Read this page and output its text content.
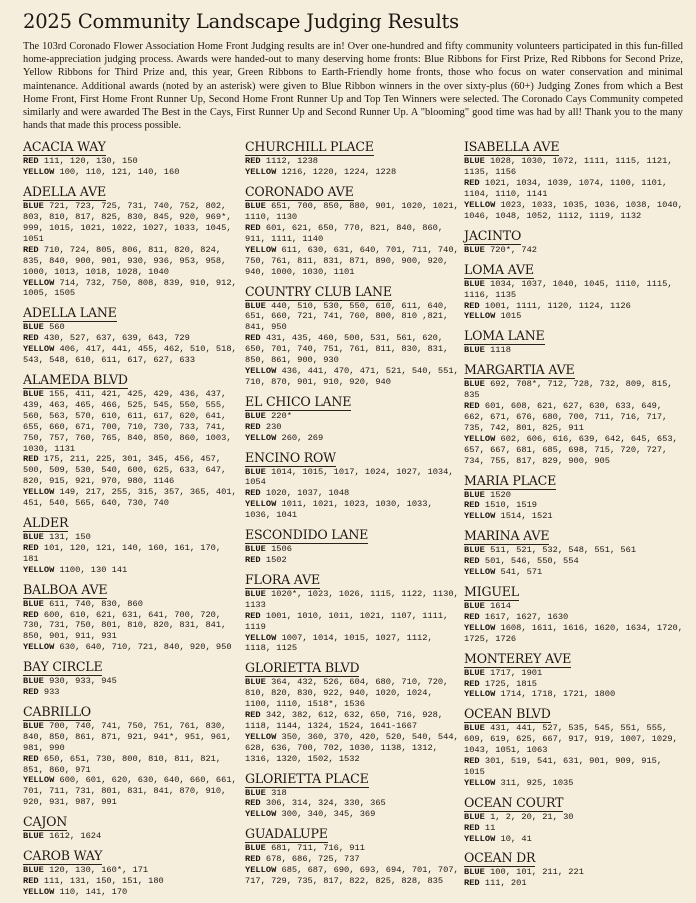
2025 Community Landscape Judging Results

The 103rd Coronado Flower Association Home Front Judging results are in! Over one-hundred and fifty community volunteers participated in this fun-filled home-appreciation judging process. Awards were handed-out to many deserving home fronts: Blue Ribbons for First Prize, Red Ribbons for Second Prize, Yellow Ribbons for Third Prize and, this year, Green Ribbons to Earth-Friendly home fronts, those who focus on water conservation and minimal maintenance. Additional awards (noted by an asterisk) were given to Blue Ribbon winners in the over sixty-plus (60+) Judging Zones from which a Best Home Front, First Home Front Runner Up, Second Home Front Runner Up and Top Ten Winners were selected. The Coronado Cays Community competed similarly and were awarded The Best in the Cays, First Runner Up and Second Runner Up. A "blooming" good time was had by all! Thank you to the many hands that made this process possible.

ACACIA WAY
RED 111, 120, 130, 150
YELLOW 100, 110, 121, 140, 160
ADELLA AVE
BLUE 721, 723, 725, 731, 740, 752, 802, 803, 810, 817, 825, 830, 845, 920, 969*, 999, 1015, 1021, 1022, 1027, 1033, 1045, 1051
RED 710, 724, 805, 806, 811, 820, 824, 835, 840, 900, 901, 930, 936, 953, 958, 1000, 1013, 1018, 1028, 1040
YELLOW 714, 732, 750, 808, 839, 910, 912, 1005, 1505
ADELLA LANE
BLUE 560
RED 430, 527, 637, 639, 643, 729
YELLOW 406, 417, 441, 455, 462, 510, 518, 543, 548, 610, 611, 617, 627, 633
ALAMEDA BLVD
BLUE 155, 411, 421, 425, 429, 436, 437, 439, 463, 465, 466, 525, 545, 550, 555, 560, 563, 570, 610, 611, 617, 620, 641, 655, 660, 671, 700, 710, 730, 733, 741, 750, 757, 760, 765, 840, 850, 860, 1003, 1030, 1131
RED 175, 211, 225, 301, 345, 456, 457, 500, 509, 530, 540, 600, 625, 633, 647, 820, 915, 921, 970, 980, 1146
YELLOW 149, 217, 255, 315, 357, 365, 401, 451, 540, 565, 640, 730, 740
ALDER
BLUE 131, 150
RED 101, 120, 121, 140, 160, 161, 170, 181
YELLOW 1100, 130 141
BALBOA AVE
BLUE 611, 740, 830, 860
RED 600, 610, 621, 631, 641, 700, 720, 730, 731, 750, 801, 810, 820, 831, 841, 850, 901, 911, 931
YELLOW 630, 640, 710, 721, 840, 920, 950
BAY CIRCLE
BLUE 930, 933, 945
RED 933
CABRILLO
BLUE 700, 740, 741, 750, 751, 761, 830, 840, 850, 861, 871, 921, 941*, 951, 961, 981, 990
RED 650, 651, 730, 800, 810, 811, 821, 851, 860, 971
YELLOW 600, 601, 620, 630, 640, 660, 661, 701, 711, 731, 801, 831, 841, 870, 910, 920, 931, 987, 991
CAJON
BLUE 1612, 1624
CAROB WAY
BLUE 120, 130, 160*, 171
RED 111, 131, 150, 151, 180
YELLOW 110, 141, 170
CHURCHILL PLACE
RED 1112, 1238
YELLOW 1216, 1220, 1224, 1228
CORONADO AVE
BLUE 651, 700, 850, 880, 901, 1020, 1021, 1110, 1130
RED 601, 621, 650, 770, 821, 840, 860, 911, 1111, 1140
YELLOW 611, 630, 631, 640, 701, 711, 740, 750, 761, 811, 831, 871, 890, 900, 920, 940, 1000, 1030, 1101
COUNTRY CLUB LANE
BLUE 440, 510, 530, 550, 610, 611, 640, 651, 660, 721, 741, 760, 800, 810 ,821, 841, 950
RED 431, 435, 460, 500, 531, 561, 620, 650, 701, 740, 751, 761, 811, 830, 831, 850, 861, 900, 930
YELLOW 436, 441, 470, 471, 521, 540, 551, 710, 870, 901, 910, 920, 940
EL CHICO LANE
BLUE 220*
RED 230
YELLOW 260, 269
ENCINO ROW
BLUE 1014, 1015, 1017, 1024, 1027, 1034, 1054
RED 1020, 1037, 1048
YELLOW 1011, 1021, 1023, 1030, 1033, 1036, 1041
ESCONDIDO LANE
BLUE 1506
RED 1502
FLORA AVE
BLUE 1020*, 1023, 1026, 1115, 1122, 1130, 1133
RED 1001, 1010, 1011, 1021, 1107, 1111, 1119
YELLOW 1007, 1014, 1015, 1027, 1112, 1118, 1125
GLORIETTA BLVD
BLUE 364, 432, 526, 604, 680, 710, 720, 810, 820, 830, 922, 940, 1020, 1024, 1100, 1110, 1518*, 1536
RED 342, 382, 612, 632, 650, 716, 928, 1118, 1144, 1324, 1524, 1641-1667
YELLOW 350, 360, 370, 420, 520, 540, 544, 628, 636, 700, 702, 1030, 1138, 1312, 1316, 1320, 1502, 1532
GLORIETTA PLACE
BLUE 318
RED 306, 314, 324, 330, 365
YELLOW 300, 340, 345, 369
GUADALUPE
BLUE 681, 711, 716, 911
RED 678, 686, 725, 737
YELLOW 685, 687, 690, 693, 694, 701, 707, 717, 729, 735, 817, 822, 825, 828, 835
ISABELLA AVE
BLUE 1028, 1030, 1072, 1111, 1115, 1121, 1135, 1156
RED 1021, 1034, 1039, 1074, 1100, 1101, 1104, 1110, 1141
YELLOW 1023, 1033, 1035, 1036, 1038, 1040, 1046, 1048, 1052, 1112, 1119, 1132
JACINTO
BLUE 720*, 742
LOMA AVE
BLUE 1034, 1037, 1040, 1045, 1110, 1115, 1116, 1135
RED 1001, 1111, 1120, 1124, 1126
YELLOW 1015
LOMA LANE
BLUE 1118
MARGARTIA AVE
BLUE 692, 708*, 712, 728, 732, 809, 815, 835
RED 601, 608, 621, 627, 630, 633, 649, 662, 671, 676, 680, 700, 711, 716, 717, 735, 742, 801, 825, 911
YELLOW 602, 606, 616, 639, 642, 645, 653, 657, 667, 681, 685, 698, 715, 720, 727, 734, 755, 817, 829, 900, 905
MARIA PLACE
BLUE 1520
RED 1510, 1519
YELLOW 1514, 1521
MARINA AVE
BLUE 511, 521, 532, 548, 551, 561
RED 501, 546, 550, 554
YELLOW 541, 571
MIGUEL
BLUE 1614
RED 1617, 1627, 1630
YELLOW 1608, 1611, 1616, 1620, 1634, 1720, 1725, 1726
MONTEREY AVE
BLUE 1717, 1901
RED 1725, 1815
YELLOW 1714, 1718, 1721, 1800
OCEAN BLVD
BLUE 431, 441, 527, 535, 545, 551, 555, 609, 619, 625, 667, 917, 919, 1007, 1029, 1043, 1051, 1063
RED 301, 519, 541, 631, 901, 909, 915, 1015
YELLOW 311, 925, 1035
OCEAN COURT
BLUE 1, 2, 20, 21, 30
RED 11
YELLOW 10, 41
OCEAN DR
BLUE 100, 101, 211, 221
RED 111, 201
